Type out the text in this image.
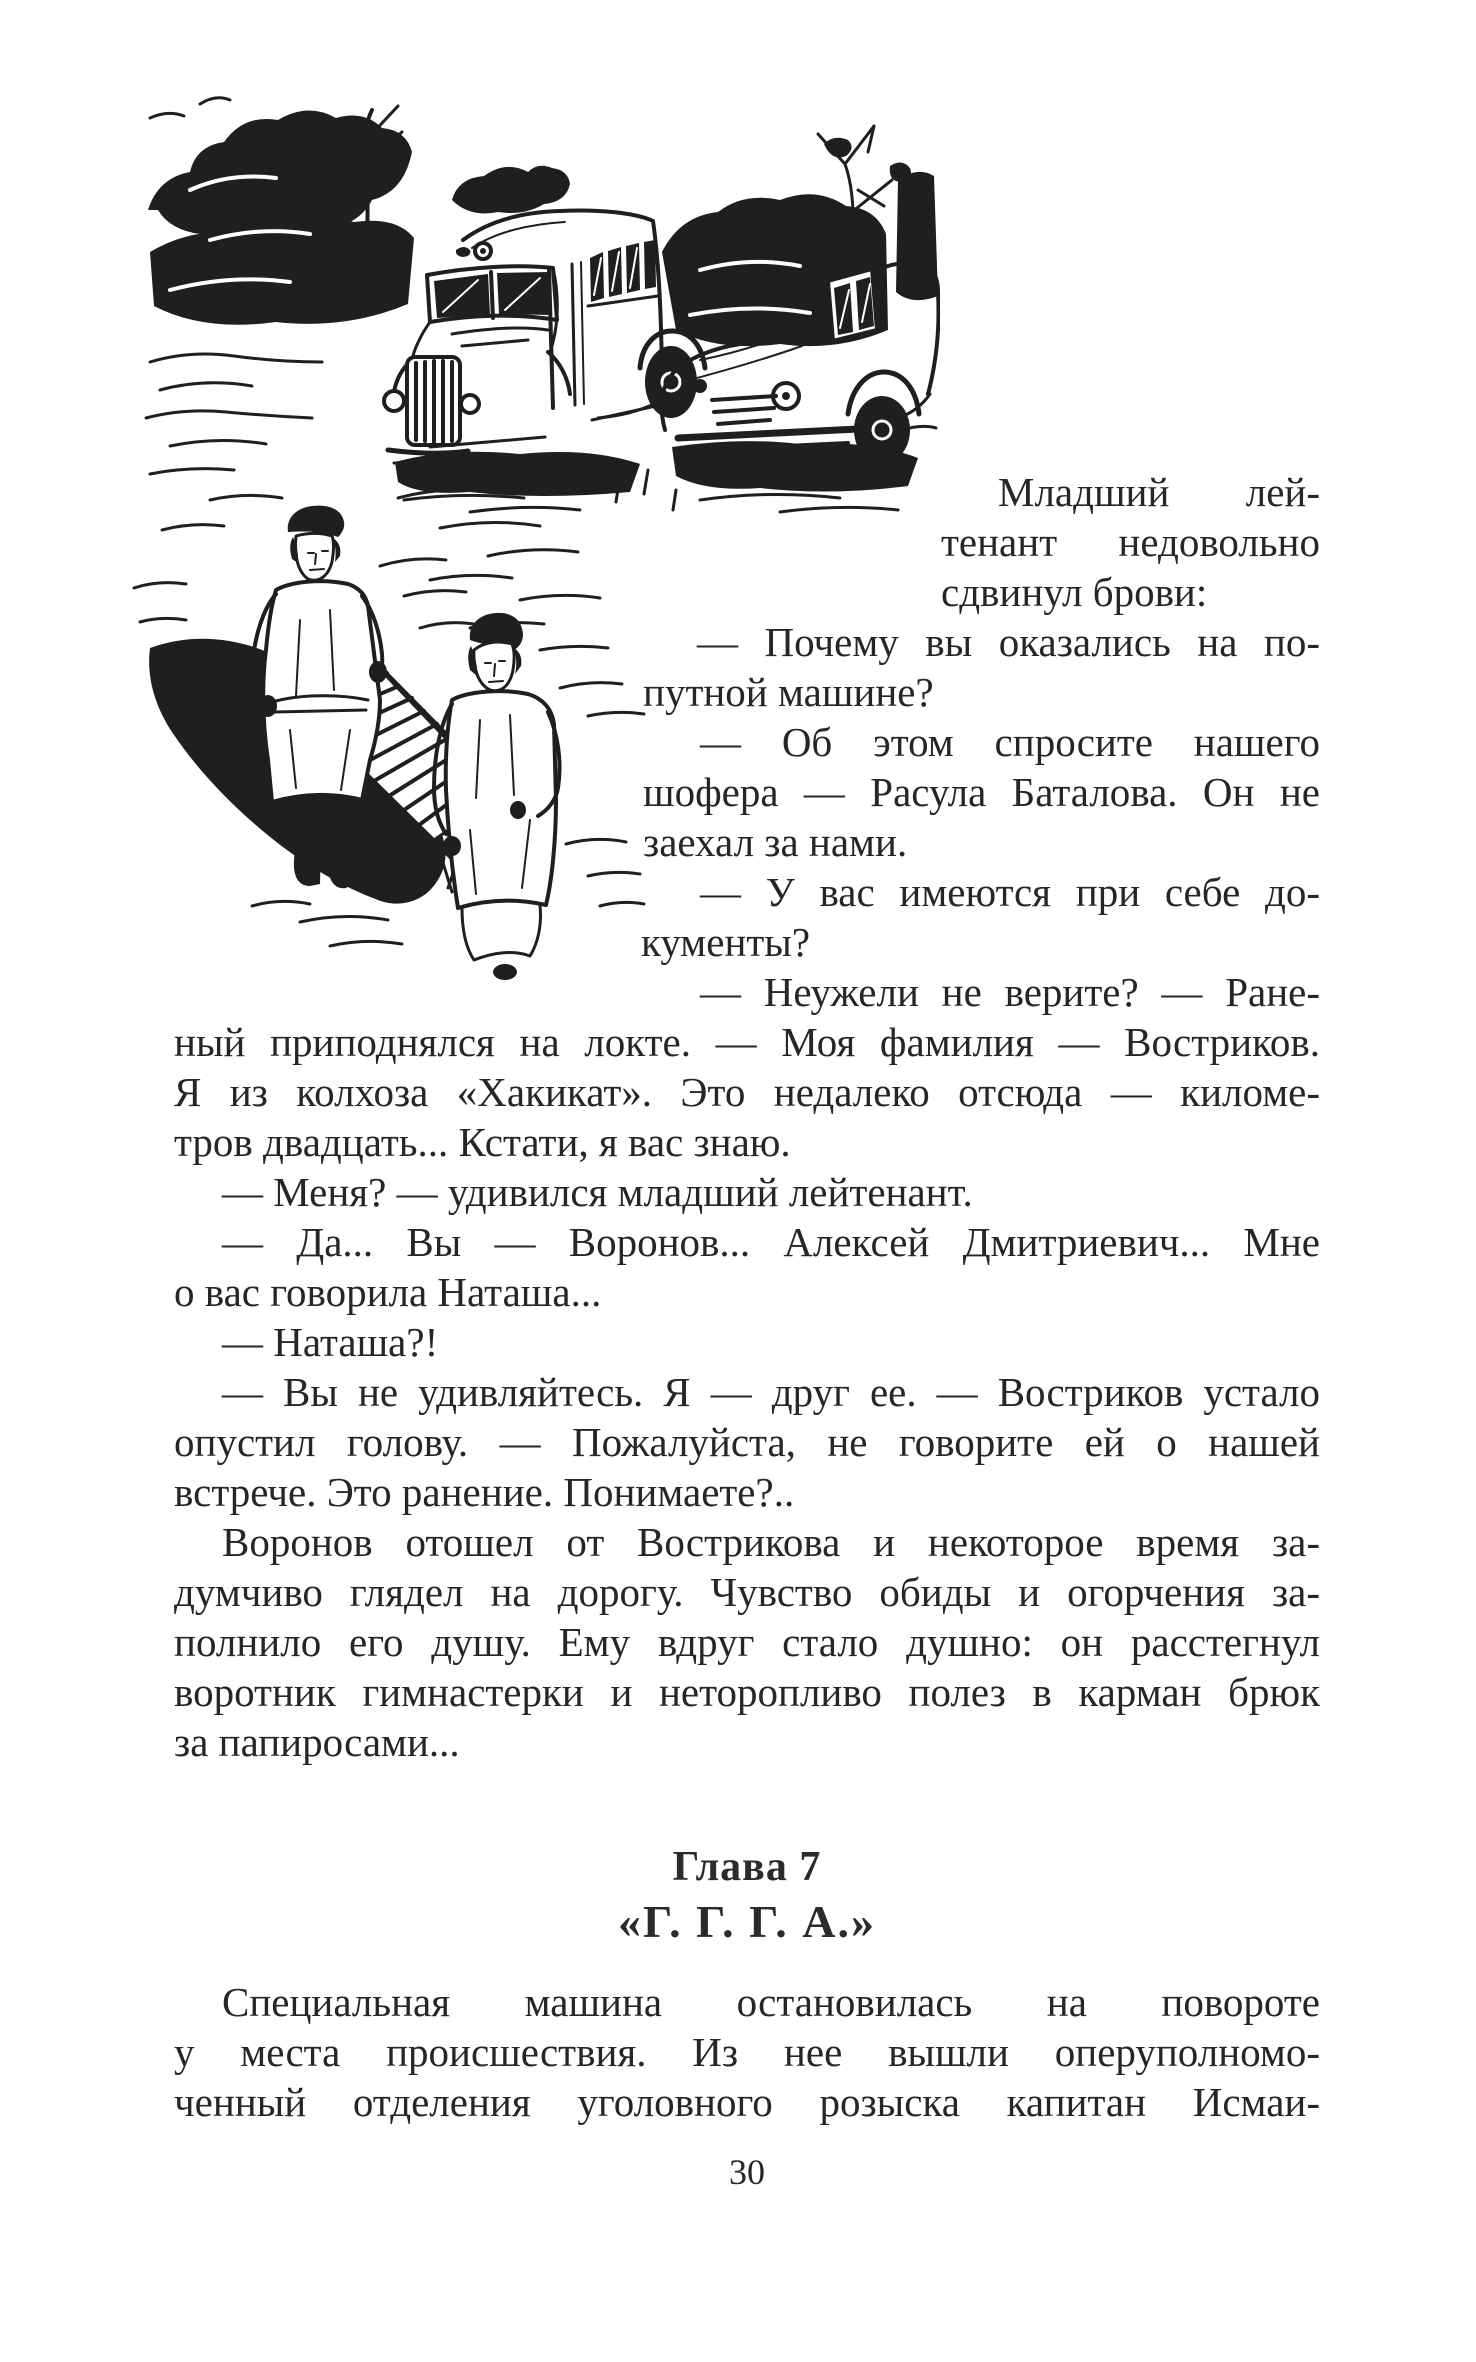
Младший лей-
тенант недовольно
сдвинул брови:
— Почему вы оказались на по-
путной машине?
— Об этом спросите нашего
шофера — Расула Баталова. Он не
заехал за нами.
— У вас имеются при себе до-
кументы?
— Неужели не верите? — Ране-
ный приподнялся на локте. — Моя фамилия — Востриков.
Я из колхоза «Хакикат». Это недалеко отсюда — киломе-
тров двадцать... Кстати, я вас знаю.
— Меня? — удивился младший лейтенант.
— Да... Вы — Воронов... Алексей Дмитриевич... Мне
о вас говорила Наташа...
— Наташа?!
— Вы не удивляйтесь. Я — друг ее. — Востриков устало
опустил голову. — Пожалуйста, не говорите ей о нашей
встрече. Это ранение. Понимаете?..
Воронов отошел от Вострикова и некоторое время за-
думчиво глядел на дорогу. Чувство обиды и огорчения за-
полнило его душу. Ему вдруг стало душно: он расстегнул
воротник гимнастерки и неторопливо полез в карман брюк
за папиросами...
Глава 7
«Г. Г. Г. А.»
Специальная машина остановилась на повороте
у места происшествия. Из нее вышли оперуполномо-
ченный отделения уголовного розыска капитан Исмаи-
30
